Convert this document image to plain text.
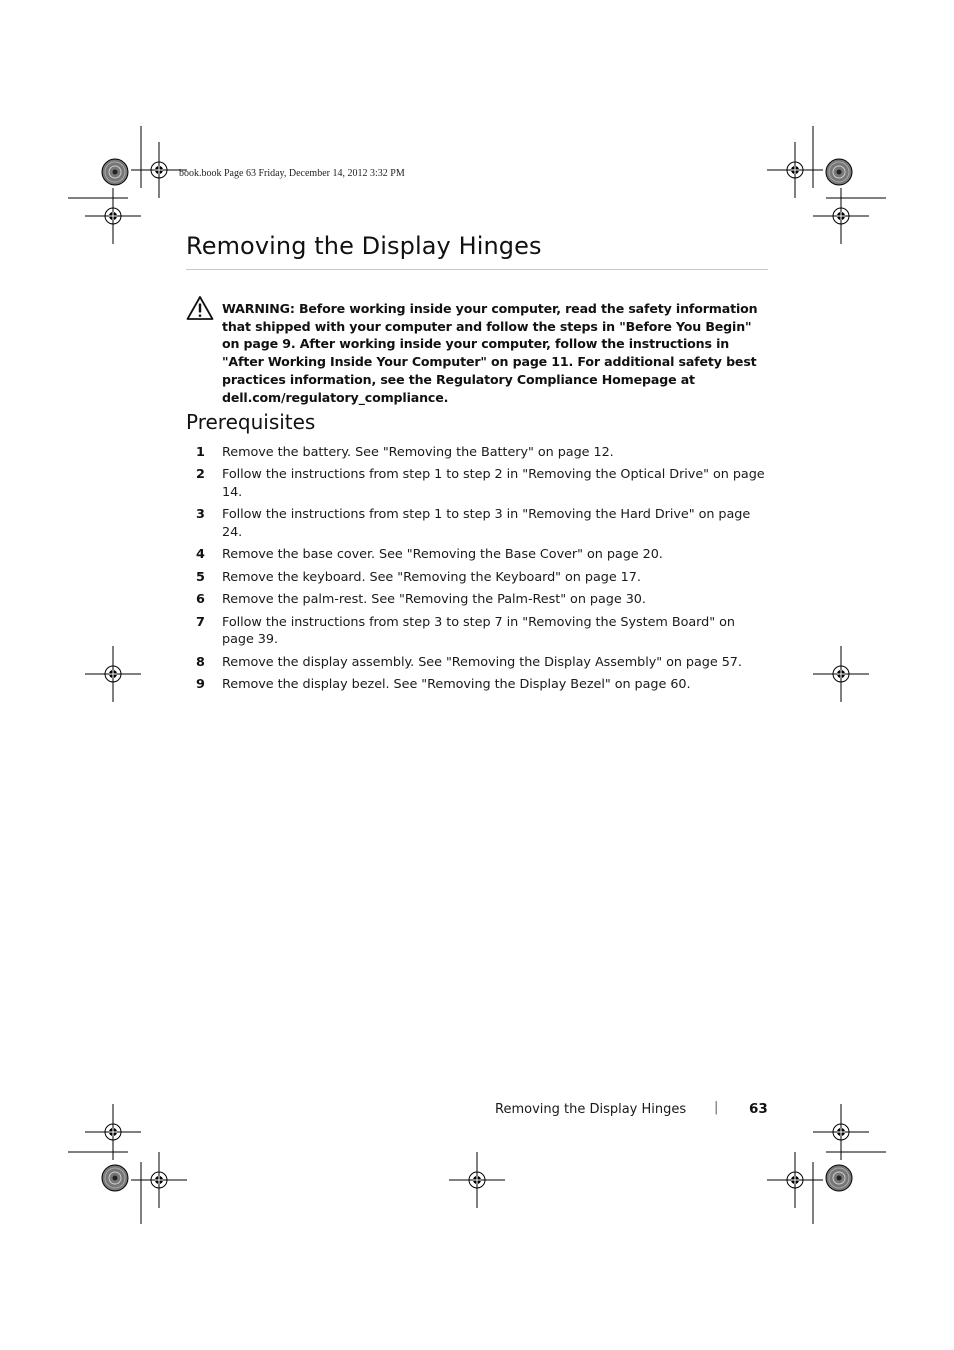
book.book Page 63 Friday, December 14, 2012 3:32 PM
Removing the Display Hinges
WARNING: Before working inside your computer, read the safety information that shipped with your computer and follow the steps in "Before You Begin" on page 9. After working inside your computer, follow the instructions in "After Working Inside Your Computer" on page 11. For additional safety best practices information, see the Regulatory Compliance Homepage at dell.com/regulatory_compliance.
Prerequisites
1 Remove the battery. See "Removing the Battery" on page 12.
2 Follow the instructions from step 1 to step 2 in "Removing the Optical Drive" on page 14.
3 Follow the instructions from step 1 to step 3 in "Removing the Hard Drive" on page 24.
4 Remove the base cover. See "Removing the Base Cover" on page 20.
5 Remove the keyboard. See "Removing the Keyboard" on page 17.
6 Remove the palm-rest. See "Removing the Palm-Rest" on page 30.
7 Follow the instructions from step 3 to step 7 in "Removing the System Board" on page 39.
8 Remove the display assembly. See "Removing the Display Assembly" on page 57.
9 Remove the display bezel. See "Removing the Display Bezel" on page 60.
Removing the Display Hinges | 63
